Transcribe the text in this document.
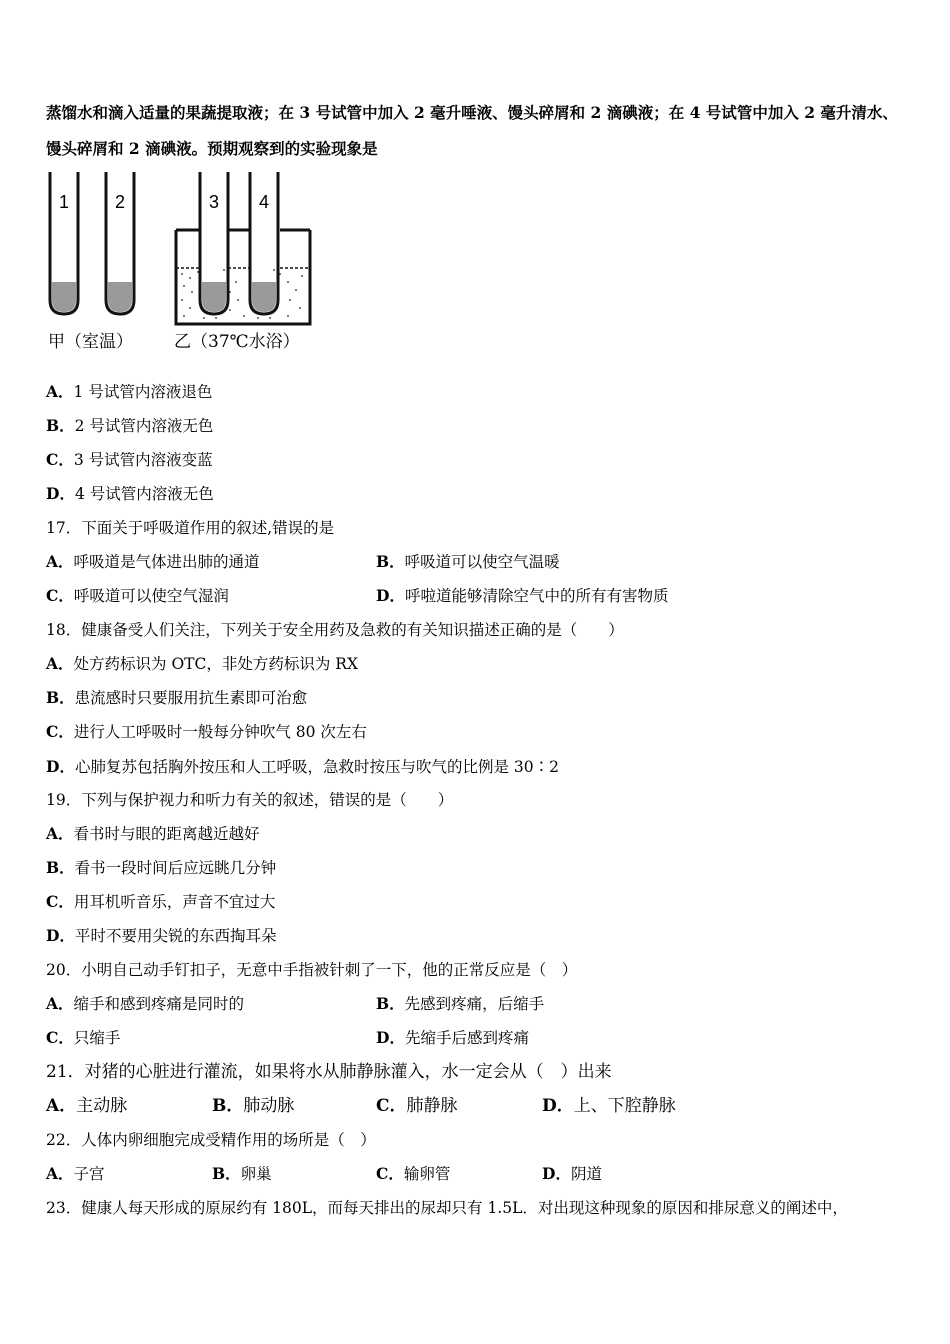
蒸馏水和滴入适量的果蔬提取液；在 3 号试管中加入 2 毫升唾液、馒头碎屑和 2 滴碘液；在 4 号试管中加入 2 毫升清水、
馒头碎屑和 2 滴碘液。预期观察到的实验现象是
1	2	3 4
甲（室温） 乙（37℃水浴）
A．1 号试管内溶液退色
B．2 号试管内溶液无色
C．3 号试管内溶液变蓝
D．4 号试管内溶液无色
17．下面关于呼吸道作用的叙述,错误的是
A．呼吸道是气体进出肺的通道	B．呼吸道可以使空气温暖
C．呼吸道可以使空气湿润	D．呼啦道能够清除空气中的所有有害物质
18．健康备受人们关注，下列关于安全用药及急救的有关知识描述正确的是（　　）
A．处方药标识为 OTC，非处方药标识为 RX
B．患流感时只要服用抗生素即可治愈
C．进行人工呼吸时一般每分钟吹气 80 次左右
D．心肺复苏包括胸外按压和人工呼吸，急救时按压与吹气的比例是 30∶2
19．下列与保护视力和听力有关的叙述，错误的是（　　）
A．看书时与眼的距离越近越好
B．看书一段时间后应远眺几分钟
C．用耳机听音乐，声音不宜过大
D．平时不要用尖锐的东西掏耳朵
20．小明自己动手钉扣子，无意中手指被针刺了一下，他的正常反应是（　）
A．缩手和感到疼痛是同时的	B．先感到疼痛，后缩手
C．只缩手	D．先缩手后感到疼痛
21．对猪的心脏进行灌流，如果将水从肺静脉灌入，水一定会从（　）出来
A．主动脉	B．肺动脉	C．肺静脉	D．上、下腔静脉
22．人体内卵细胞完成受精作用的场所是（　）
A．子宫	B．卵巢	C．输卵管	D．阴道
23．健康人每天形成的原尿约有 180L，而每天排出的尿却只有 1.5L．对出现这种现象的原因和排尿意义的阐述中，
